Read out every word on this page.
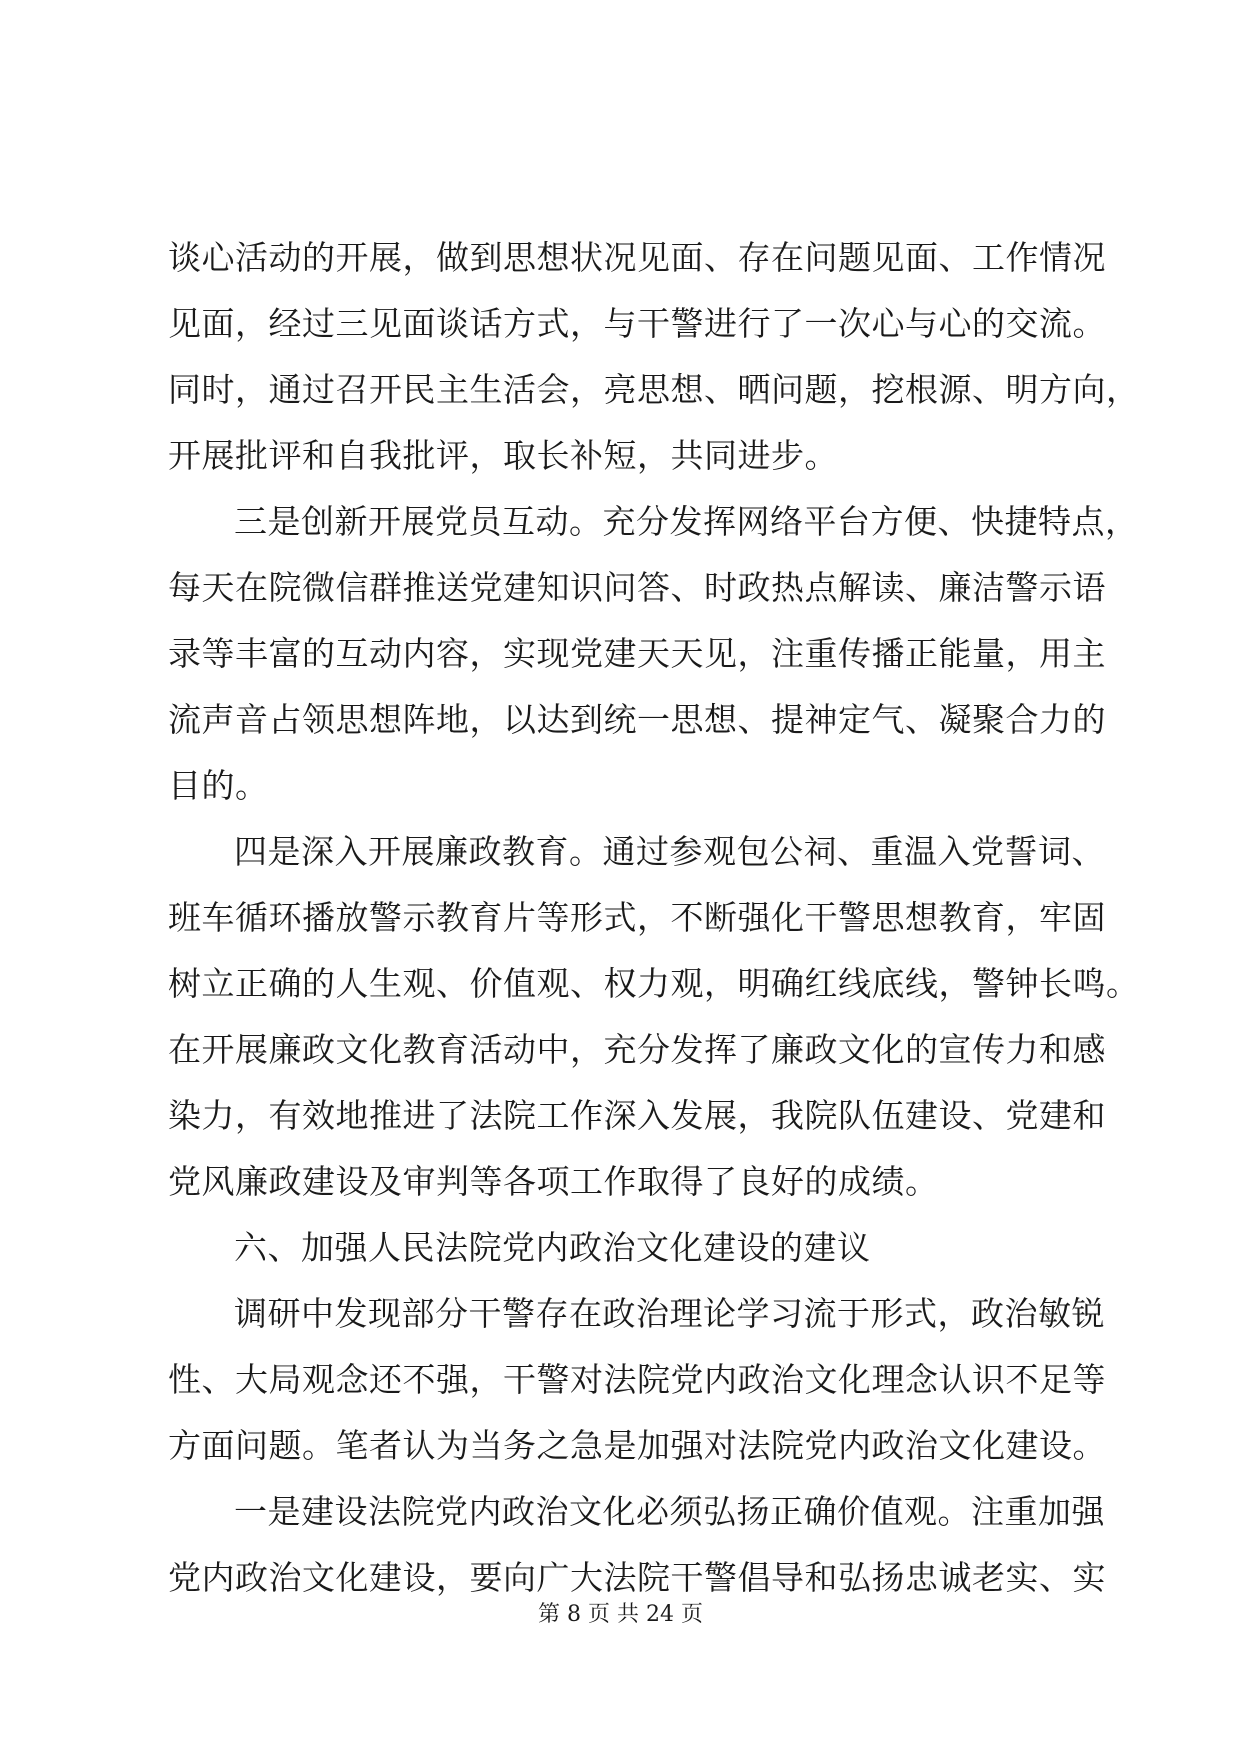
谈心活动的开展，做到思想状况见面、存在问题见面、工作情况
见面，经过三见面谈话方式，与干警进行了一次心与心的交流。
同时，通过召开民主生活会，亮思想、晒问题，挖根源、明方向，
开展批评和自我批评，取长补短，共同进步。
三是创新开展党员互动。充分发挥网络平台方便、快捷特点，
每天在院微信群推送党建知识问答、时政热点解读、廉洁警示语
录等丰富的互动内容，实现党建天天见，注重传播正能量，用主
流声音占领思想阵地，以达到统一思想、提神定气、凝聚合力的
目的。
四是深入开展廉政教育。通过参观包公祠、重温入党誓词、
班车循环播放警示教育片等形式，不断强化干警思想教育，牢固
树立正确的人生观、价值观、权力观，明确红线底线，警钟长鸣。
在开展廉政文化教育活动中，充分发挥了廉政文化的宣传力和感
染力，有效地推进了法院工作深入发展，我院队伍建设、党建和
党风廉政建设及审判等各项工作取得了良好的成绩。
六、加强人民法院党内政治文化建设的建议
调研中发现部分干警存在政治理论学习流于形式，政治敏锐
性、大局观念还不强，干警对法院党内政治文化理念认识不足等
方面问题。笔者认为当务之急是加强对法院党内政治文化建设。
一是建设法院党内政治文化必须弘扬正确价值观。注重加强
党内政治文化建设，要向广大法院干警倡导和弘扬忠诚老实、实
第 8 页 共 24 页
